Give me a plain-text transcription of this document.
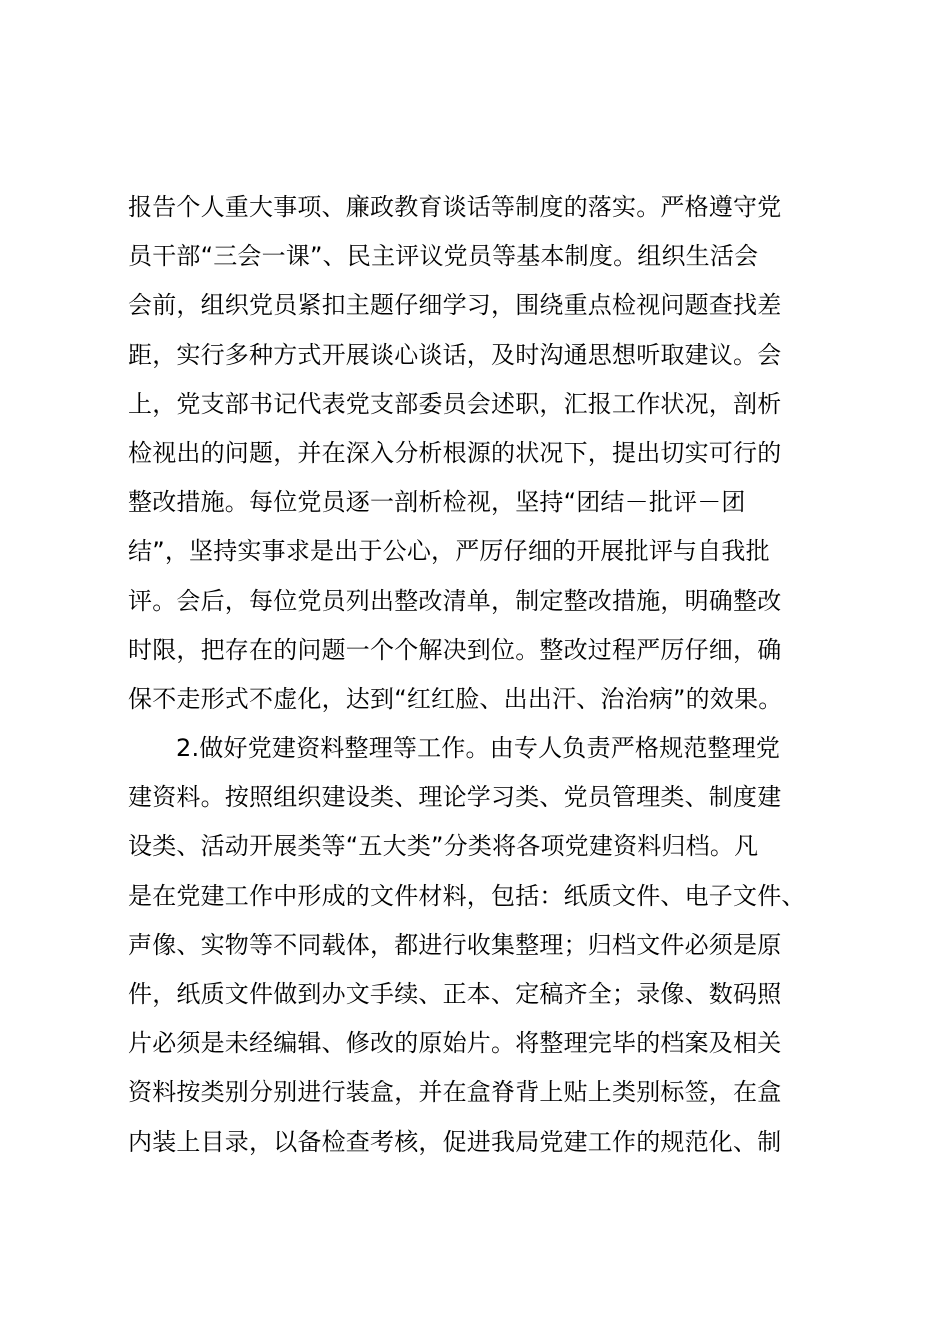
报告个人重大事项、廉政教育谈话等制度的落实。严格遵守党
员干部“三会一课”、民主评议党员等基本制度。组织生活会
会前，组织党员紧扣主题仔细学习，围绕重点检视问题查找差
距，实行多种方式开展谈心谈话，及时沟通思想听取建议。会
上，党支部书记代表党支部委员会述职，汇报工作状况，剖析
检视出的问题，并在深入分析根源的状况下，提出切实可行的
整改措施。每位党员逐一剖析检视，坚持“团结－批评－团
结”，坚持实事求是出于公心，严厉仔细的开展批评与自我批
评。会后，每位党员列出整改清单，制定整改措施，明确整改
时限，把存在的问题一个个解决到位。整改过程严厉仔细，确
保不走形式不虚化，达到“红红脸、出出汗、治治病”的效果。
2.做好党建资料整理等工作。由专人负责严格规范整理党
建资料。按照组织建设类、理论学习类、党员管理类、制度建
设类、活动开展类等“五大类”分类将各项党建资料归档。凡
是在党建工作中形成的文件材料，包括：纸质文件、电子文件、
声像、实物等不同载体，都进行收集整理；归档文件必须是原
件，纸质文件做到办文手续、正本、定稿齐全；录像、数码照
片必须是未经编辑、修改的原始片。将整理完毕的档案及相关
资料按类别分别进行装盒，并在盒脊背上贴上类别标签，在盒
内装上目录，以备检查考核，促进我局党建工作的规范化、制
